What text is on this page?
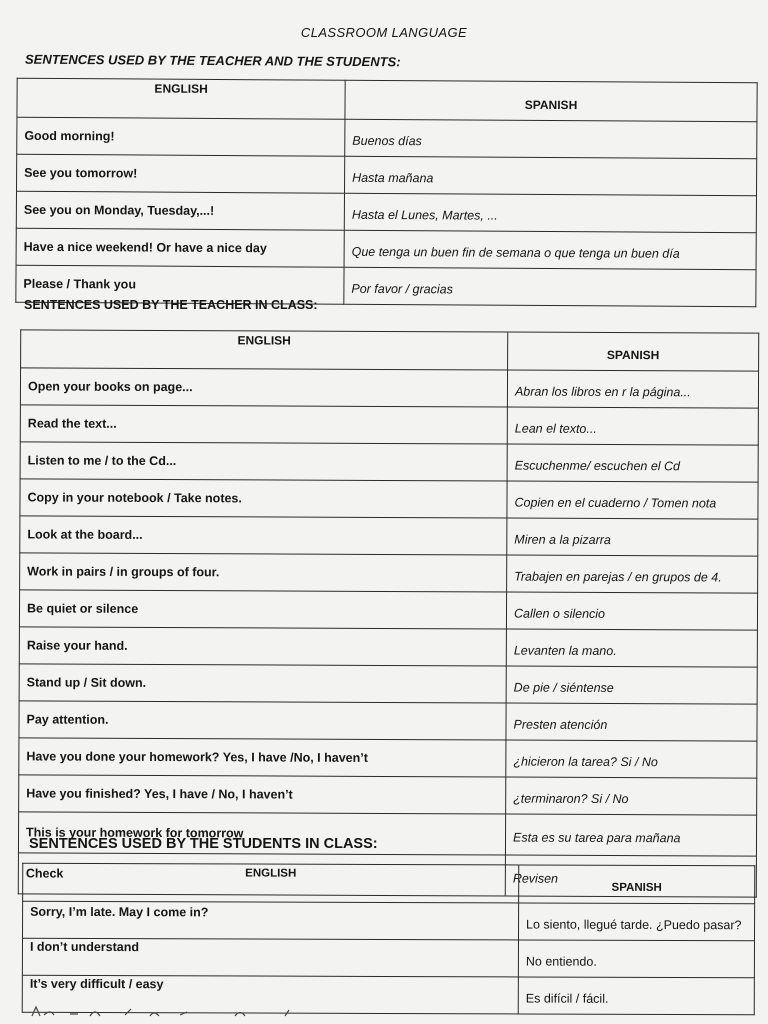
CLASSROOM LANGUAGE
SENTENCES USED BY THE TEACHER AND THE STUDENTS:
ENGLISH	SPANISH
Good morning!	Buenos días
See you tomorrow!	Hasta mañana
See you on Monday, Tuesday,...!	Hasta el Lunes, Martes, ...
Have a nice weekend! Or have a nice day	Que tenga un buen fin de semana o que tenga un buen día
Please / Thank you	Por favor / gracias
SENTENCES USED BY THE TEACHER IN CLASS:
ENGLISH	SPANISH
Open your books on page...	Abran los libros en r la página...
Read the text...	Lean el texto...
Listen to me / to the Cd...	Escuchenme/ escuchen el Cd
Copy in your notebook / Take notes.	Copien en el cuaderno / Tomen nota
Look at the board...	Miren a la pizarra
Work in pairs / in groups of four.	Trabajen en parejas / en grupos de 4.
Be quiet or silence	Callen o silencio
Raise your hand.	Levanten la mano.
Stand up / Sit down.	De pie / siéntense
Pay attention.	Presten atención
Have you done your homework? Yes, I have /No, I haven’t	¿hicieron la tarea? Si / No
Have you finished? Yes, I have / No, I haven’t	¿terminaron? Si / No
This is your homework for tomorrow	Esta es su tarea para mañana
Check	Revisen
SENTENCES USED BY THE STUDENTS IN CLASS:
ENGLISH	SPANISH
Sorry, I’m late. May I come in?	Lo siento, llegué tarde. ¿Puedo pasar?
I don’t understand	No entiendo.
It’s very difficult / easy	Es difícil / fácil.
